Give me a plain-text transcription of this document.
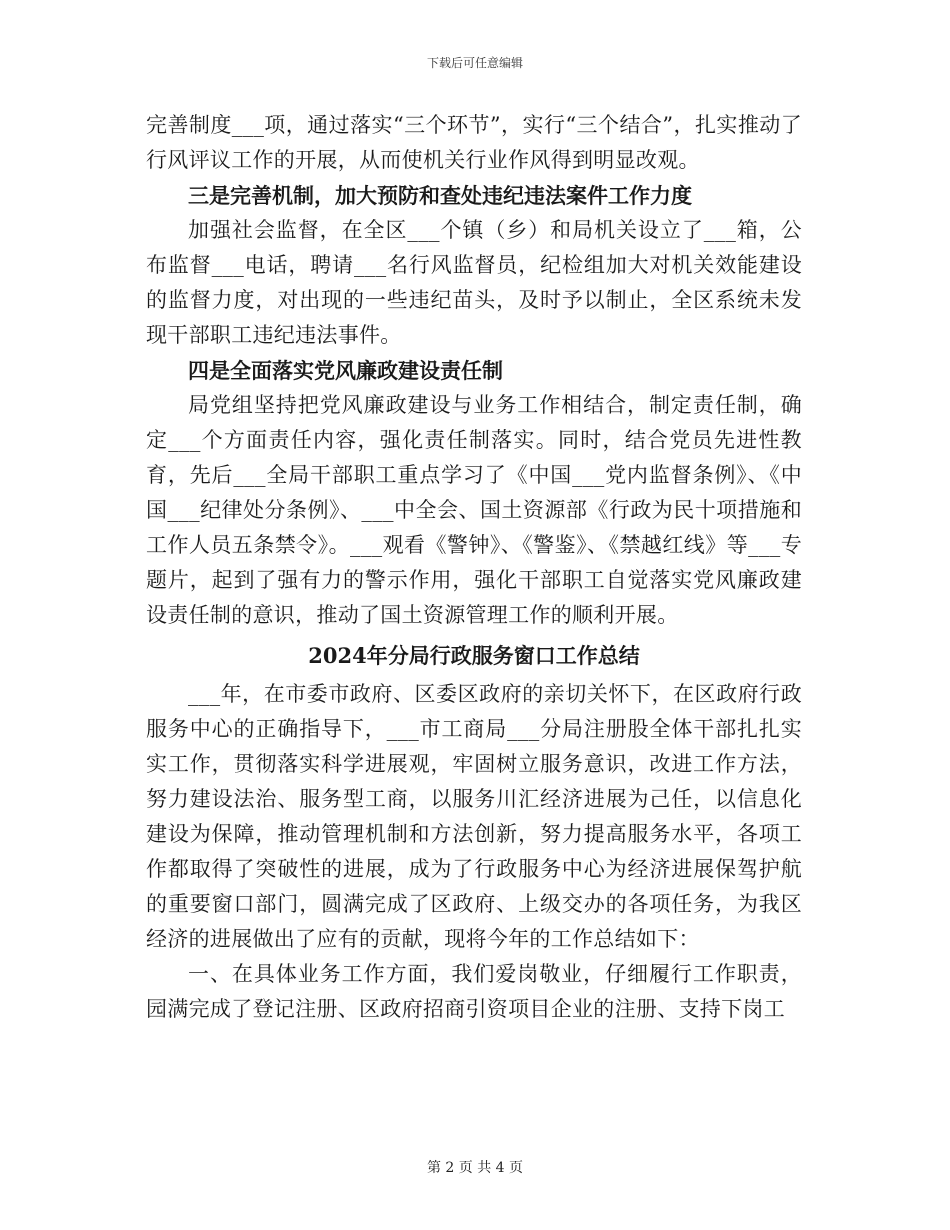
下载后可任意编辑

完善制度___项，通过落实“三个环节”，实行“三个结合”，扎实推动了行风评议工作的开展，从而使机关行业作风得到明显改观。

三是完善机制，加大预防和查处违纪违法案件工作力度

加强社会监督，在全区___个镇（乡）和局机关设立了___箱，公布监督___电话，聘请___名行风监督员，纪检组加大对机关效能建设的监督力度，对出现的一些违纪苗头，及时予以制止，全区系统未发现干部职工违纪违法事件。

四是全面落实党风廉政建设责任制

局党组坚持把党风廉政建设与业务工作相结合，制定责任制，确定___个方面责任内容，强化责任制落实。同时，结合党员先进性教育，先后___全局干部职工重点学习了《中国___党内监督条例》、《中国___纪律处分条例》、___中全会、国土资源部《行政为民十项措施和工作人员五条禁令》。___观看《警钟》、《警鉴》、《禁越红线》等___专题片，起到了强有力的警示作用，强化干部职工自觉落实党风廉政建设责任制的意识，推动了国土资源管理工作的顺利开展。

2024年分局行政服务窗口工作总结

___年，在市委市政府、区委区政府的亲切关怀下，在区政府行政服务中心的正确指导下，___市工商局___分局注册股全体干部扎扎实实工作，贯彻落实科学进展观，牢固树立服务意识，改进工作方法，努力建设法治、服务型工商，以服务川汇经济进展为己任，以信息化建设为保障，推动管理机制和方法创新，努力提高服务水平，各项工作都取得了突破性的进展，成为了行政服务中心为经济进展保驾护航的重要窗口部门，圆满完成了区政府、上级交办的各项任务，为我区经济的进展做出了应有的贡献，现将今年的工作总结如下：

一、在具体业务工作方面，我们爱岗敬业，仔细履行工作职责，园满完成了登记注册、区政府招商引资项目企业的注册、支持下岗工

第 2 页 共 4 页
